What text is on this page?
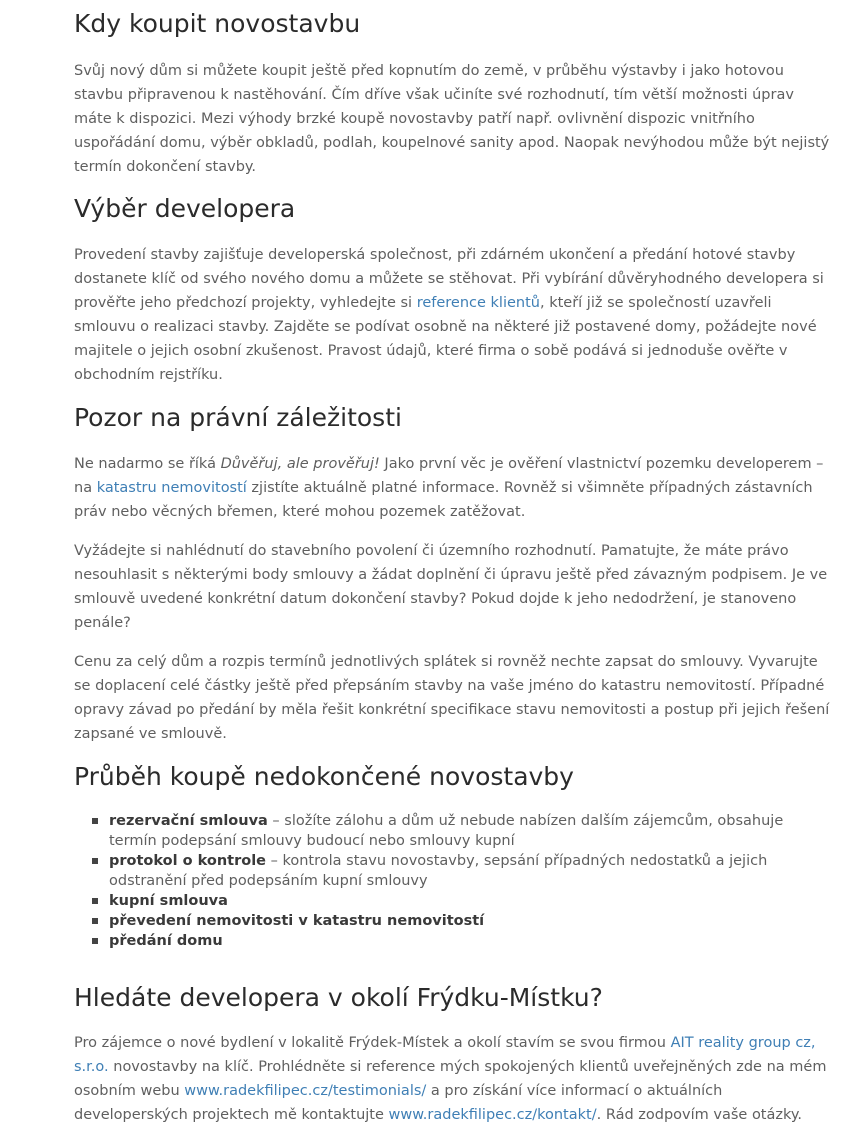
Kdy koupit novostavbu

Svůj nový dům si můžete koupit ještě před kopnutím do země, v průběhu výstavby i jako hotovou stavbu připravenou k nastěhování. Čím dříve však učiníte své rozhodnutí, tím větší možnosti úprav máte k dispozici. Mezi výhody brzké koupě novostavby patří např. ovlivnění dispozic vnitřního uspořádání domu, výběr obkladů, podlah, koupelnové sanity apod. Naopak nevýhodou může být nejistý termín dokončení stavby.

Výběr developera

Provedení stavby zajišťuje developerská společnost, při zdárném ukončení a předání hotové stavby dostanete klíč od svého nového domu a můžete se stěhovat. Při vybírání důvěryhodného developera si prověřte jeho předchozí projekty, vyhledejte si reference klientů, kteří již se společností uzavřeli smlouvu o realizaci stavby. Zajděte se podívat osobně na některé již postavené domy, požádejte nové majitele o jejich osobní zkušenost. Pravost údajů, které firma o sobě podává si jednoduše ověřte v obchodním rejstříku.

Pozor na právní záležitosti

Ne nadarmo se říká Důvěřuj, ale prověřuj! Jako první věc je ověření vlastnictví pozemku developerem – na katastru nemovitostí zjistíte aktuálně platné informace. Rovněž si všimněte případných zástavních práv nebo věcných břemen, které mohou pozemek zatěžovat.

Vyžádejte si nahlédnutí do stavebního povolení či územního rozhodnutí. Pamatujte, že máte právo nesouhlasit s některými body smlouvy a žádat doplnění či úpravu ještě před závazným podpisem. Je ve smlouvě uvedené konkrétní datum dokončení stavby? Pokud dojde k jeho nedodržení, je stanoveno penále?

Cenu za celý dům a rozpis termínů jednotlivých splátek si rovněž nechte zapsat do smlouvy. Vyvarujte se doplacení celé částky ještě před přepsáním stavby na vaše jméno do katastru nemovitostí. Případné opravy závad po předání by měla řešit konkrétní specifikace stavu nemovitosti a postup při jejich řešení zapsané ve smlouvě.

Průběh koupě nedokončené novostavby
rezervační smlouva – složíte zálohu a dům už nebude nabízen dalším zájemcům, obsahuje termín podepsání smlouvy budoucí nebo smlouvy kupní
protokol o kontrole – kontrola stavu novostavby, sepsání případných nedostatků a jejich odstranění před podepsáním kupní smlouvy
kupní smlouva
převedení nemovitosti v katastru nemovitostí
předání domu
Hledáte developera v okolí Frýdku-Místku?

Pro zájemce o nové bydlení v lokalitě Frýdek-Místek a okolí stavím se svou firmou AIT reality group cz, s.r.o. novostavby na klíč. Prohlédněte si reference mých spokojených klientů uveřejněných zde na mém osobním webu www.radekfilipec.cz/testimonials/ a pro získání více informací o aktuálních developerských projektech mě kontaktujte www.radekfilipec.cz/kontakt/. Rád zodpovím vaše otázky.
